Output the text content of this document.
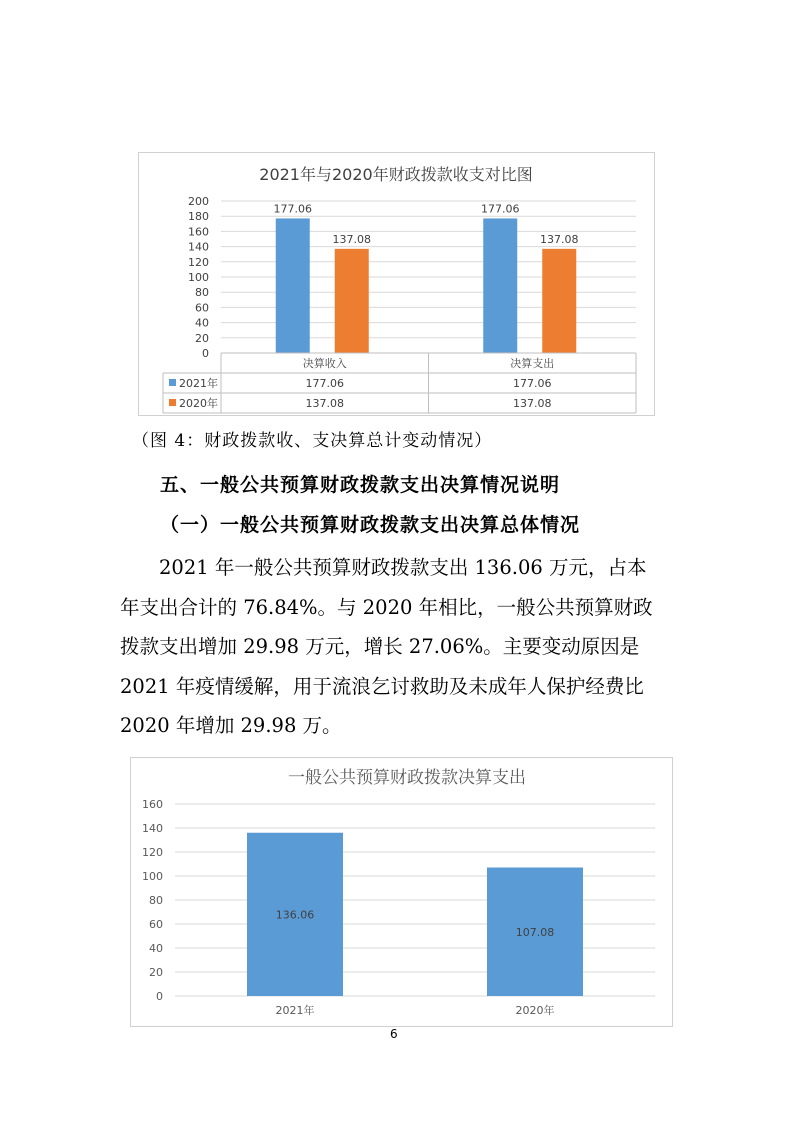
2021年与2020年财政拨款收支对比图
0
20
40
60
80
100
120
140
160
180
200
177.06
137.08
177.06
137.08
决算收入	决算支出
2021年	177.06	177.06
2020年	137.08	137.08
（图 4：财政拨款收、支决算总计变动情况）
五、一般公共预算财政拨款支出决算情况说明
（一）一般公共预算财政拨款支出决算总体情况
2021 年一般公共预算财政拨款支出 136.06 万元，占本
年支出合计的 76.84%。与 2020 年相比，一般公共预算财政
拨款支出增加 29.98 万元，增长 27.06%。主要变动原因是
2021 年疫情缓解，用于流浪乞讨救助及未成年人保护经费比
2020 年增加 29.98 万。
一般公共预算财政拨款决算支出
0
20
40
60
80
100
120
140
160
136.06
2021年
107.08
2020年
6
